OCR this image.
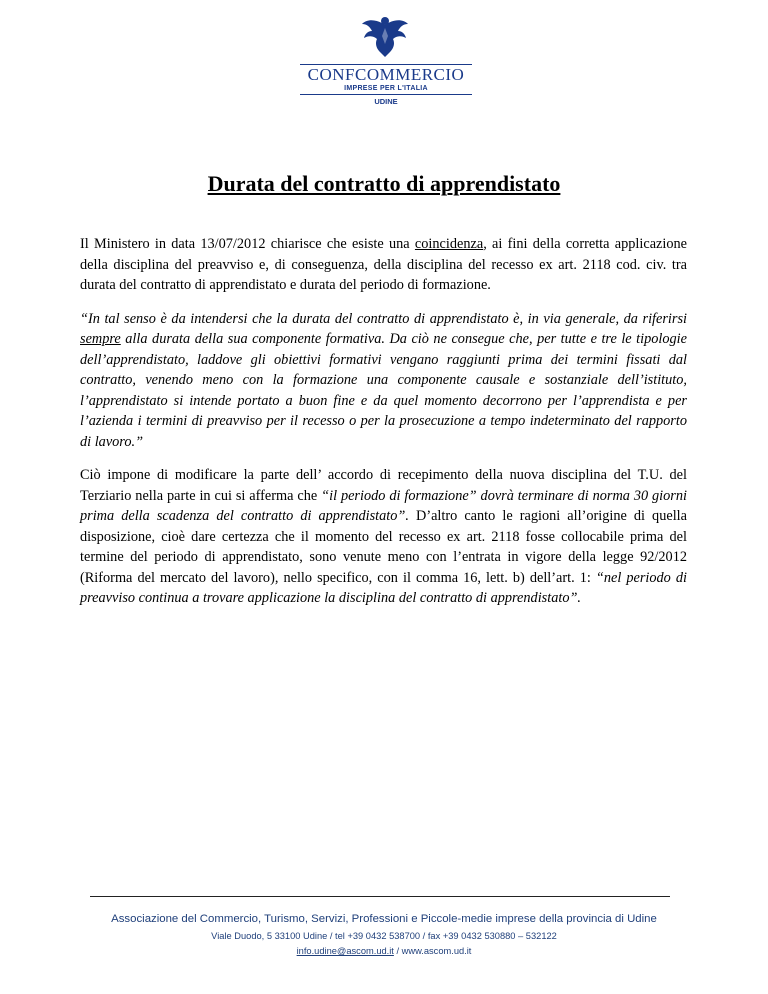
CONFCOMMERCIO
IMPRESE PER L'ITALIA
UDINE
Durata del contratto di apprendistato

Il Ministero in data 13/07/2012 chiarisce che esiste una coincidenza, ai fini della corretta applicazione della disciplina del preavviso e, di conseguenza, della disciplina del recesso ex art. 2118 cod. civ. tra durata del contratto di apprendistato e durata del periodo di formazione.

“In tal senso è da intendersi che la durata del contratto di apprendistato è, in via generale, da riferirsi sempre alla durata della sua componente formativa. Da ciò ne consegue che, per tutte e tre le tipologie dell’apprendistato, laddove gli obiettivi formativi vengano raggiunti prima dei termini fissati dal contratto, venendo meno con la formazione una componente causale e sostanziale dell’istituto, l’apprendistato si intende portato a buon fine e da quel momento decorrono per l’apprendista e per l’azienda i termini di preavviso per il recesso o per la prosecuzione a tempo indeterminato del rapporto di lavoro.”

Ciò impone di modificare la parte dell’ accordo di recepimento della nuova disciplina del T.U. del Terziario nella parte in cui si afferma che “il periodo di formazione” dovrà terminare di norma 30 giorni prima della scadenza del contratto di apprendistato”. D’altro canto le ragioni all’origine di quella disposizione, cioè dare certezza che il momento del recesso ex art. 2118 fosse collocabile prima del termine del periodo di apprendistato, sono venute meno con l’entrata in vigore della legge 92/2012 (Riforma del mercato del lavoro), nello specifico, con il comma 16, lett. b) dell’art. 1: “nel periodo di preavviso continua a trovare applicazione la disciplina del contratto di apprendistato”.

Associazione del Commercio, Turismo, Servizi, Professioni e Piccole-medie imprese della provincia di Udine
Viale Duodo, 5 33100 Udine / tel +39 0432 538700 / fax +39 0432 530880 – 532122
info.udine@ascom.ud.it / www.ascom.ud.it
